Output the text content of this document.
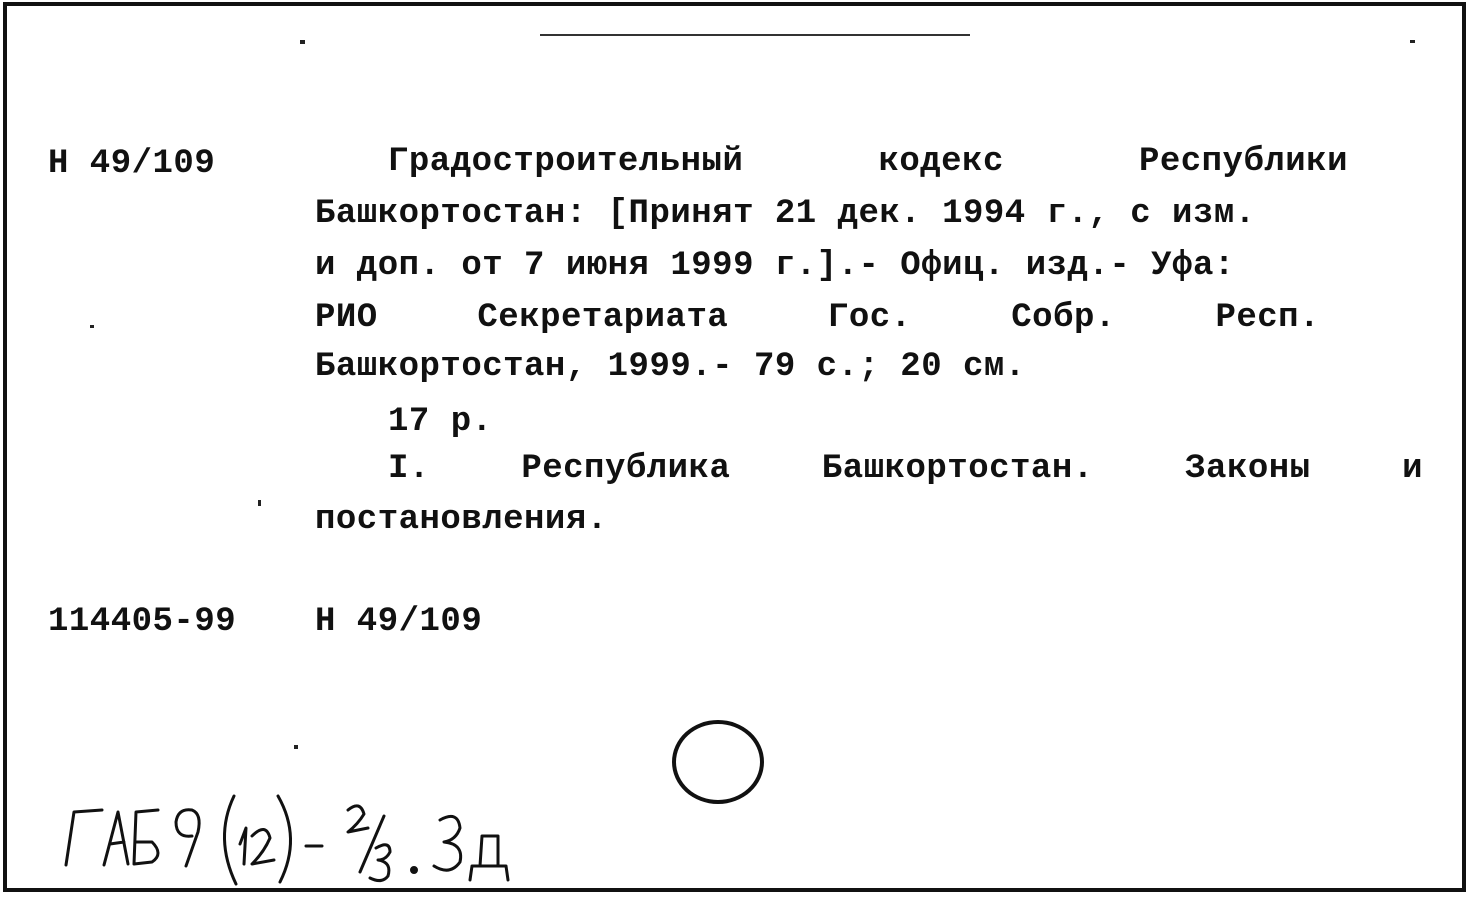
Н 49/109	Градостроительный	кодекс	Республики
Башкортостан: [Принят 21 дек. 1994 г., с изм.
и доп. от 7 июня 1999 г.].- Офиц. изд.- Уфа:
РИО	Секретариата	Гос.	Собр.	Респ.
Башкортостан, 1999.- 79 с.; 20 см.
17 р.
I.	Республика	Башкортостан.	Законы	и
постановления.
114405-99 Н 49/109
